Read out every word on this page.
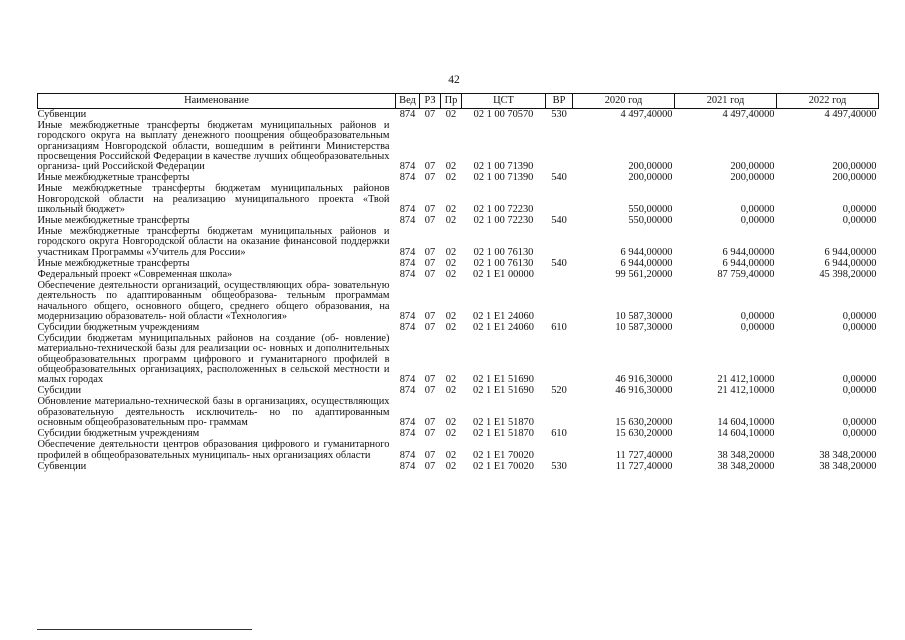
42
Наименование	Вед	РЗ	Пр	ЦСТ	ВР	2020 год	2021 год	2022 год
Субвенции	874	07	02	02 1 00 70570	530	4 497,40000	4 497,40000	4 497,40000
Иные межбюджетные трансферты бюджетам муниципальных районов и городского округа на выплату денежного поощрения общеобразовательным организациям Новгородской области, вошедшим в рейтинги Министерства просвещения Российской Федерации в качестве лучших общеобразовательных организа- ций Российской Федерации	874	07	02	02 1 00 71390		200,00000	200,00000	200,00000
Иные межбюджетные трансферты	874	07	02	02 1 00 71390	540	200,00000	200,00000	200,00000
Иные межбюджетные трансферты бюджетам муниципальных районов Новгородской области на реализацию муниципального проекта «Твой школьный бюджет»	874	07	02	02 1 00 72230		550,00000	0,00000	0,00000
Иные межбюджетные трансферты	874	07	02	02 1 00 72230	540	550,00000	0,00000	0,00000
Иные межбюджетные трансферты бюджетам муниципальных районов и городского округа Новгородской области на оказание финансовой поддержки участникам Программы «Учитель для России»	874	07	02	02 1 00 76130		6 944,00000	6 944,00000	6 944,00000
Иные межбюджетные трансферты	874	07	02	02 1 00 76130	540	6 944,00000	6 944,00000	6 944,00000
Федеральный проект «Современная школа»	874	07	02	02 1 E1 00000		99 561,20000	87 759,40000	45 398,20000
Обеспечение деятельности организаций, осуществляющих обра- зовательную деятельность по адаптированным общеобразова- тельным программам начального общего, основного общего, среднего общего образования, на модернизацию образователь- ной области «Технология»	874	07	02	02 1 E1 24060		10 587,30000	0,00000	0,00000
Субсидии бюджетным учреждениям	874	07	02	02 1 E1 24060	610	10 587,30000	0,00000	0,00000
Субсидии бюджетам муниципальных районов на создание (об- новление) материально-технической базы для реализации ос- новных и дополнительных общеобразовательных программ цифрового и гуманитарного профилей в общеобразовательных организациях, расположенных в сельской местности и малых городах	874	07	02	02 1 E1 51690		46 916,30000	21 412,10000	0,00000
Субсидии	874	07	02	02 1 E1 51690	520	46 916,30000	21 412,10000	0,00000
Обновление материально-технической базы в организациях, осуществляющих образовательную деятельность исключитель- но по адаптированным основным общеобразовательным про- граммам	874	07	02	02 1 E1 51870		15 630,20000	14 604,10000	0,00000
Субсидии бюджетным учреждениям	874	07	02	02 1 E1 51870	610	15 630,20000	14 604,10000	0,00000
Обеспечение деятельности центров образования цифрового и гуманитарного профилей в общеобразовательных муниципаль- ных организациях области	874	07	02	02 1 E1 70020		11 727,40000	38 348,20000	38 348,20000
Субвенции	874	07	02	02 1 E1 70020	530	11 727,40000	38 348,20000	38 348,20000
